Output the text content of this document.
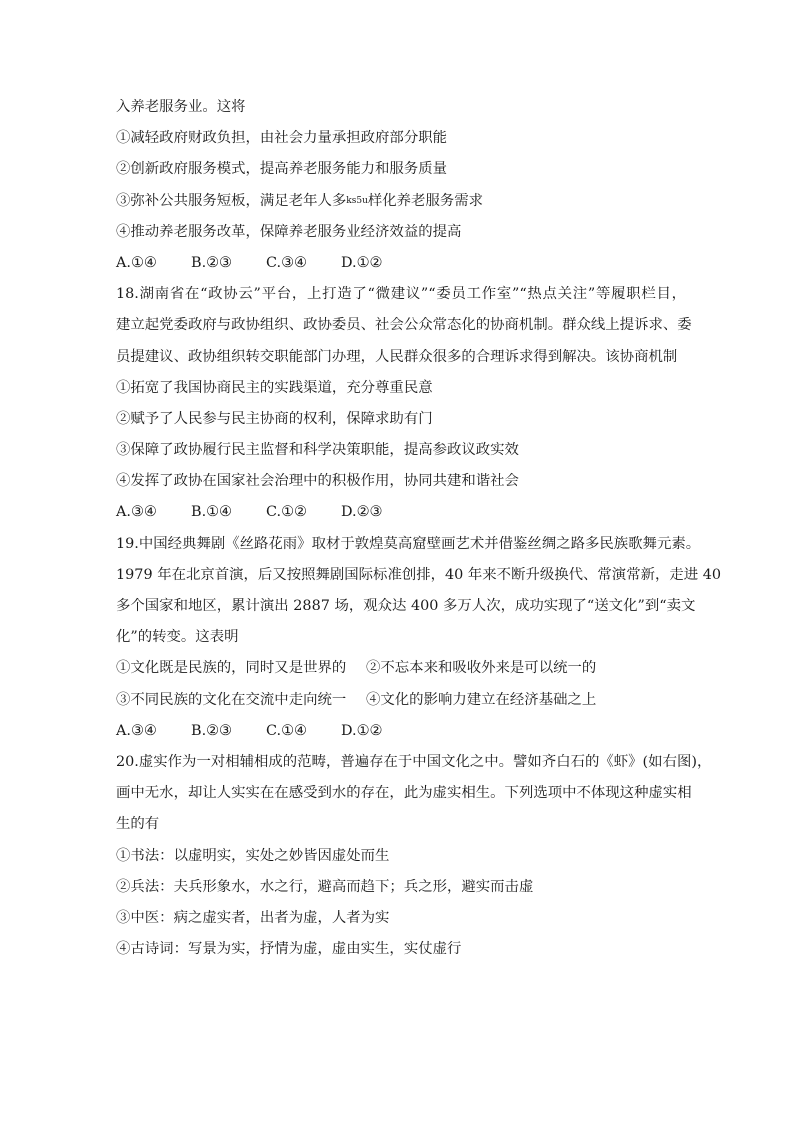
入养老服务业。这将
①减轻政府财政负担，由社会力量承担政府部分职能
②创新政府服务模式，提高养老服务能力和服务质量
③弥补公共服务短板，满足老年人多$^{ks5u}$样化养老服务需求
④推动养老服务改革，保障养老服务业经济效益的提高
A.①④ B.②③ C.③④ D.①②
18.湖南省在“政协云”平台，上打造了“微建议”“委员工作室”“热点关注”等履职栏目，
建立起党委政府与政协组织、政协委员、社会公众常态化的协商机制。群众线上提诉求、委
员提建议、政协组织转交职能部门办理，人民群众很多的合理诉求得到解决。该协商机制
①拓宽了我国协商民主的实践渠道，充分尊重民意
②赋予了人民参与民主协商的权利，保障求助有门
③保障了政协履行民主监督和科学决策职能，提高参政议政实效
④发挥了政协在国家社会治理中的积极作用，协同共建和谐社会
A.③④ B.①④ C.①② D.②③
19.中国经典舞剧《丝路花雨》取材于敦煌莫高窟壁画艺术并借鉴丝绸之路多民族歌舞元素。
1979 年在北京首演，后又按照舞剧国际标准创排，40 年来不断升级换代、常演常新，走进 40
多个国家和地区，累计演出 2887 场，观众达 400 多万人次，成功实现了“送文化”到“卖文
化”的转变。这表明
①文化既是民族的，同时又是世界的 ②不忘本来和吸收外来是可以统一的
③不同民族的文化在交流中走向统一 ④文化的影响力建立在经济基础之上
A.③④ B.②③ C.①④ D.①②
20.虚实作为一对相辅相成的范畴，普遍存在于中国文化之中。譬如齐白石的《虾》(如右图)，
画中无水，却让人实实在在感受到水的存在，此为虚实相生。下列选项中不体现这种虚实相
生的有
①书法：以虚明实，实处之妙皆因虚处而生
②兵法：夫兵形象水，水之行，避高而趋下；兵之形，避实而击虚
③中医：病之虚实者，出者为虚，人者为实
④古诗词：写景为实，抒情为虚，虚由实生，实仗虚行
